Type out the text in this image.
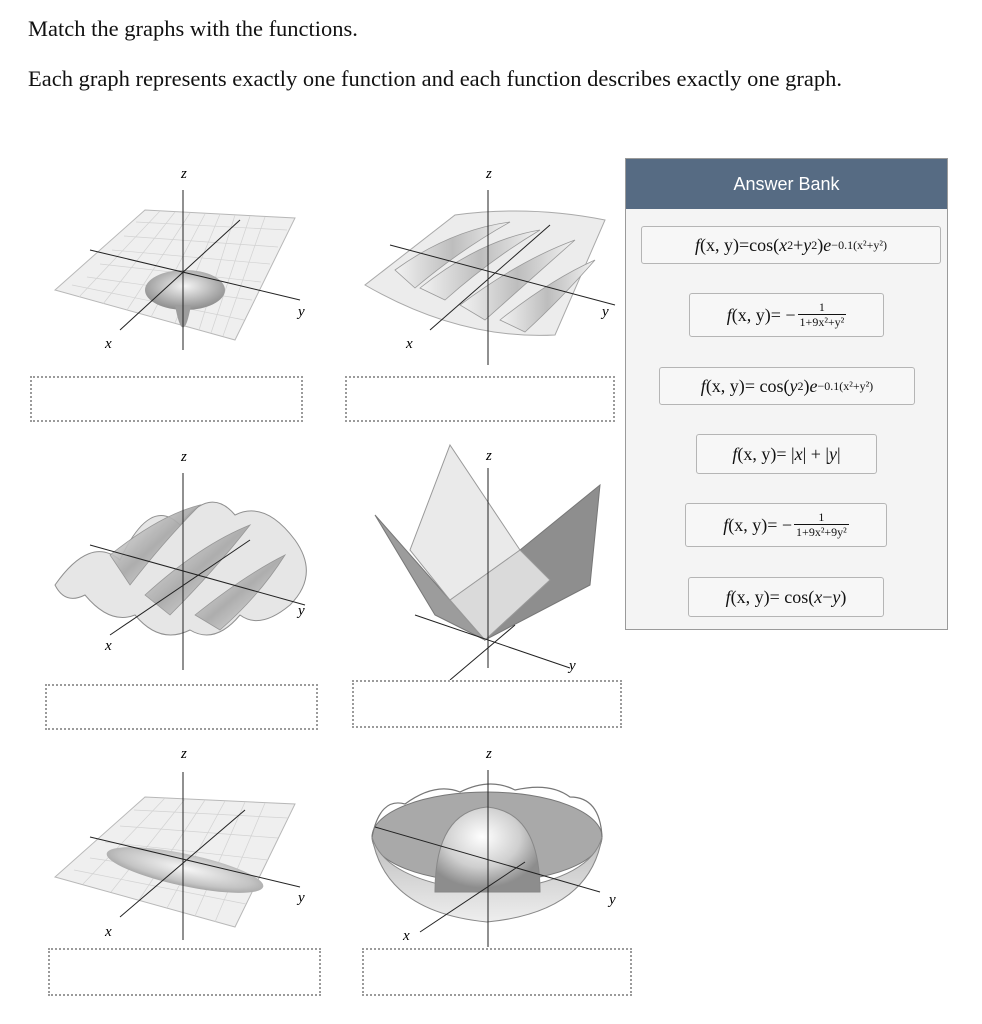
Match the graphs with the functions.

Each graph represents exactly one function and each function describes exactly one graph.

z
y
x
z
y
x
z
y
x
z
y
z
y
x
z
y
x
Answer Bank
f (x, y) = cos( x 2 + y 2 ) e −0.1(x²+y²)
f (x, y) = − $\frac{1}{\text{1+9x²+y²}}$
f (x, y) = cos( y 2 ) e −0.1(x²+y²)
f (x, y) = | x | + | y |
f (x, y) = − $\frac{1}{\text{1+9x²+9y²}}$
f (x, y) = cos( x − y )
